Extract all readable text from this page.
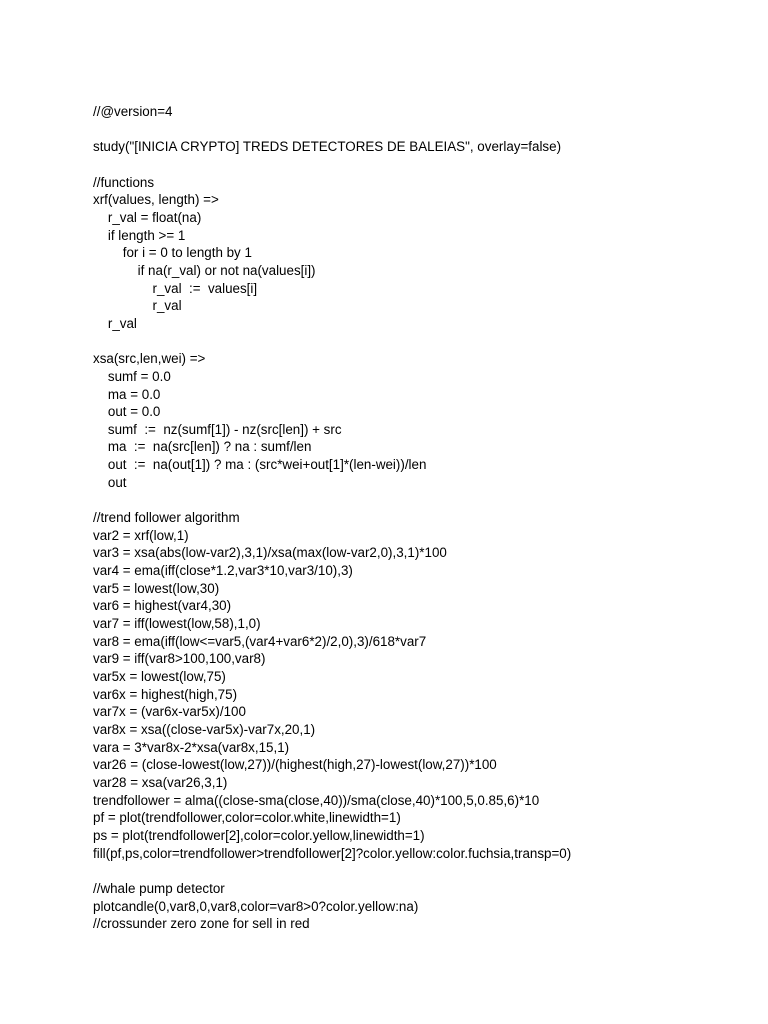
//@version=4
study("[INICIA CRYPTO] TREDS DETECTORES DE BALEIAS", overlay=false)
//functions
xrf(values, length) =>
r_val = float(na)
if length >= 1
for i = 0 to length by 1
if na(r_val) or not na(values[i])
r_val  :=  values[i]
r_val
r_val
xsa(src,len,wei) =>
sumf = 0.0
ma = 0.0
out = 0.0
sumf  :=  nz(sumf[1]) - nz(src[len]) + src
ma  :=  na(src[len]) ? na : sumf/len
out  :=  na(out[1]) ? ma : (src*wei+out[1]*(len-wei))/len
out
//trend follower algorithm
var2 = xrf(low,1)
var3 = xsa(abs(low-var2),3,1)/xsa(max(low-var2,0),3,1)*100
var4 = ema(iff(close*1.2,var3*10,var3/10),3)
var5 = lowest(low,30)
var6 = highest(var4,30)
var7 = iff(lowest(low,58),1,0)
var8 = ema(iff(low<=var5,(var4+var6*2)/2,0),3)/618*var7
var9 = iff(var8>100,100,var8)
var5x = lowest(low,75)
var6x = highest(high,75)
var7x = (var6x-var5x)/100
var8x = xsa((close-var5x)-var7x,20,1)
vara = 3*var8x-2*xsa(var8x,15,1)
var26 = (close-lowest(low,27))/(highest(high,27)-lowest(low,27))*100
var28 = xsa(var26,3,1)
trendfollower = alma((close-sma(close,40))/sma(close,40)*100,5,0.85,6)*10
pf = plot(trendfollower,color=color.white,linewidth=1)
ps = plot(trendfollower[2],color=color.yellow,linewidth=1)
fill(pf,ps,color=trendfollower>trendfollower[2]?color.yellow:color.fuchsia,transp=0)
//whale pump detector
plotcandle(0,var8,0,var8,color=var8>0?color.yellow:na)
//crossunder zero zone for sell in red
